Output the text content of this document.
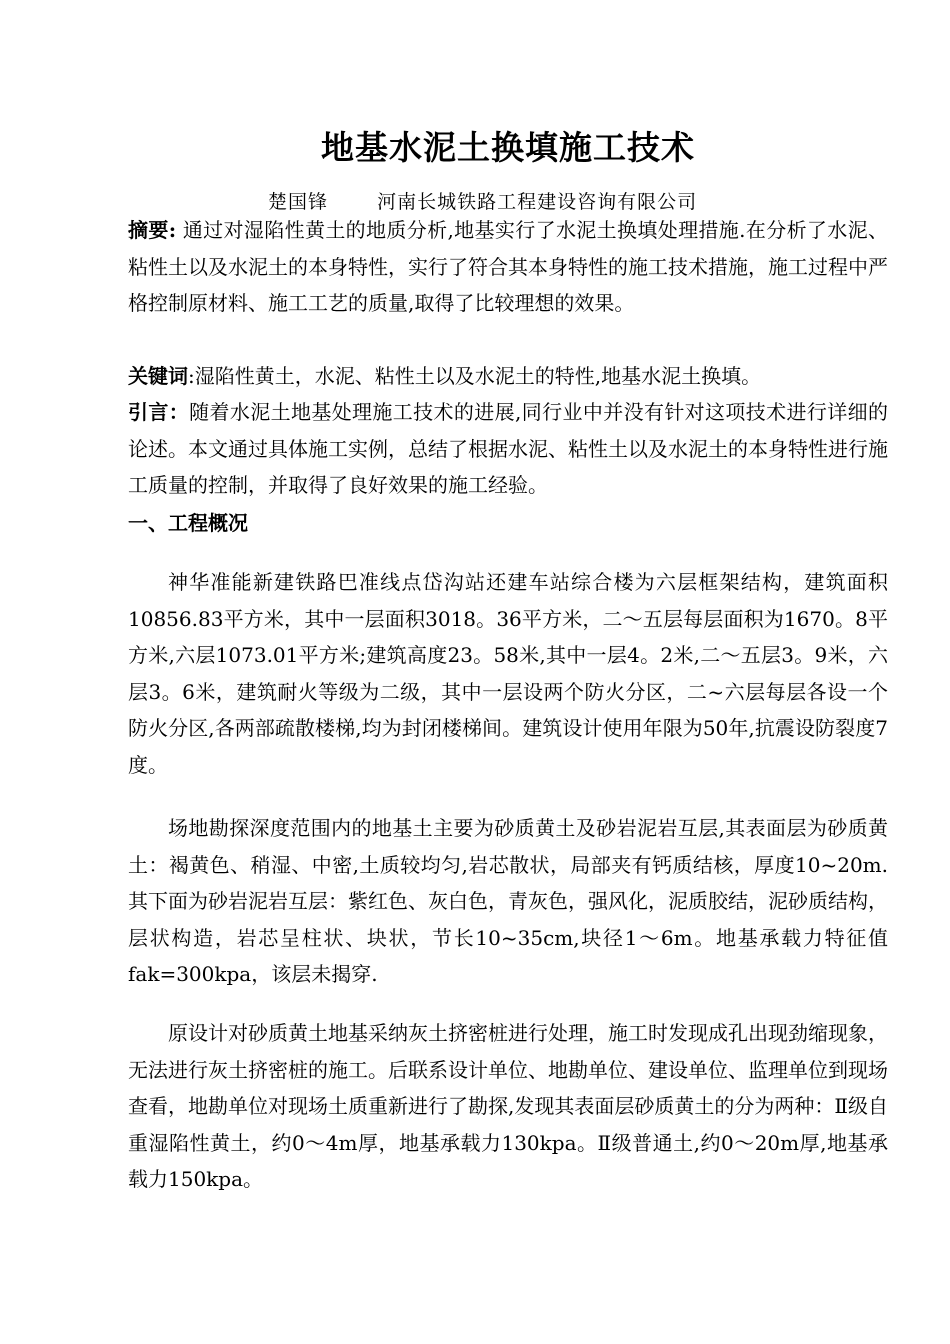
地基水泥土换填施工技术
楚国锋	河南长城铁路工程建设咨询有限公司
摘要: 通过对湿陷性黄土的地质分析,地基实行了水泥土换填处理措施.在分析了水泥、粘性土以及水泥土的本身特性，实行了符合其本身特性的施工技术措施，施工过程中严格控制原材料、施工工艺的质量,取得了比较理想的效果。
关键词:湿陷性黄土，水泥、粘性土以及水泥土的特性,地基水泥土换填。
引言：随着水泥土地基处理施工技术的进展,同行业中并没有针对这项技术进行详细的论述。本文通过具体施工实例，总结了根据水泥、粘性土以及水泥土的本身特性进行施工质量的控制，并取得了良好效果的施工经验。
一、工程概况
神华准能新建铁路巴准线点岱沟站还建车站综合楼为六层框架结构，建筑面积10856.83平方米，其中一层面积3018。36平方米，二～五层每层面积为1670。8平方米,六层1073.01平方米;建筑高度23。58米,其中一层4。2米,二～五层3。9米，六层3。6米，建筑耐火等级为二级，其中一层设两个防火分区，二~六层每层各设一个防火分区,各两部疏散楼梯,均为封闭楼梯间。建筑设计使用年限为50年,抗震设防裂度7度。
场地勘探深度范围内的地基土主要为砂质黄土及砂岩泥岩互层,其表面层为砂质黄土：褐黄色、稍湿、中密,土质较均匀,岩芯散状，局部夹有钙质结核，厚度10~20m.其下面为砂岩泥岩互层：紫红色、灰白色，青灰色，强风化，泥质胶结，泥砂质结构，层状构造，岩芯呈柱状、块状，节长10~35cm,块径1～6m。地基承载力特征值fak=300kpa，该层未揭穿.
原设计对砂质黄土地基采纳灰土挤密桩进行处理，施工时发现成孔出现劲缩现象，无法进行灰土挤密桩的施工。后联系设计单位、地勘单位、建设单位、监理单位到现场查看，地勘单位对现场土质重新进行了勘探,发现其表面层砂质黄土的分为两种：Ⅱ级自重湿陷性黄土，约0～4m厚，地基承载力130kpa。Ⅱ级普通土,约0～20m厚,地基承载力150kpa。
